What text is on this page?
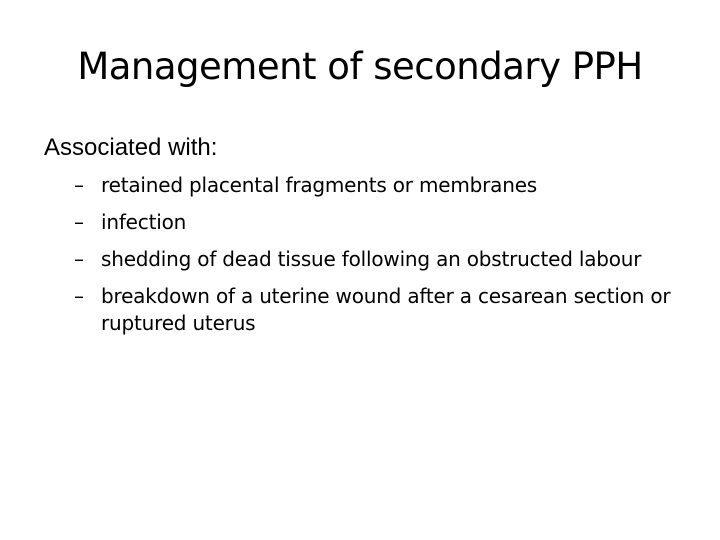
Management of secondary PPH
Associated with:
– retained placental fragments or membranes
– infection
– shedding of dead tissue following an obstructed labour
– breakdown of a uterine wound after a cesarean section or ruptured uterus
